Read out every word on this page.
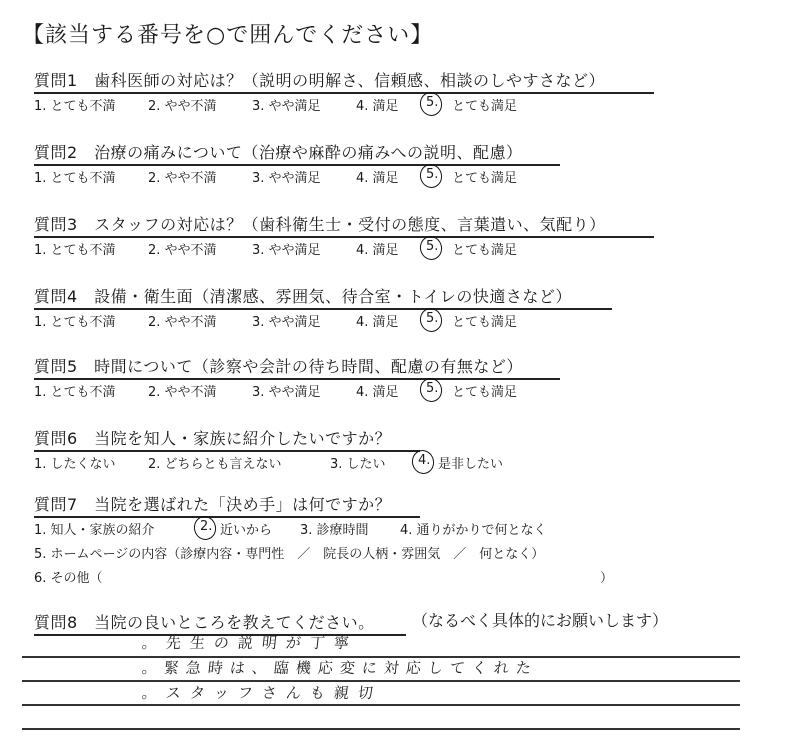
【該当する番号を○で囲んでください】
質問1　歯科医師の対応は？（説明の明解さ、信頼感、相談のしやすさなど）
1. とても不満 2. やや不満	3. やや満足	4. 満足 5. とても満足
質問2　治療の痛みについて（治療や麻酔の痛みへの説明、配慮）
1. とても不満 2. やや不満	3. やや満足	4. 満足 5. とても満足
質問3　スタッフの対応は？（歯科衛生士・受付の態度、言葉遣い、気配り）
1. とても不満 2. やや不満	3. やや満足	4. 満足 5. とても満足
質問4　設備・衛生面（清潔感、雰囲気、待合室・トイレの快適さなど）
1. とても不満 2. やや不満	3. やや満足	4. 満足 5. とても満足
質問5　時間について（診察や会計の待ち時間、配慮の有無など）
1. とても不満 2. やや不満	3. やや満足	4. 満足 5. とても満足
質問6　当院を知人・家族に紹介したいですか？
1. したくない 2. どちらとも言えない	3. したい 4. 是非したい
質問7　当院を選ばれた「決め手」は何ですか？
1. 知人・家族の紹介	2. 近いから 3. 診療時間 4. 通りがかりで何となく
5. ホームページの内容（診療内容・専門性　／　院長の人柄・雰囲気　／　何となく）
6. その他（	）
質問8　当院の良いところを教えてください。 （なるべく具体的にお願いします）
。先生の説明が丁寧
。緊急時は、臨機応変に対応してくれた
。スタッフさんも親切
